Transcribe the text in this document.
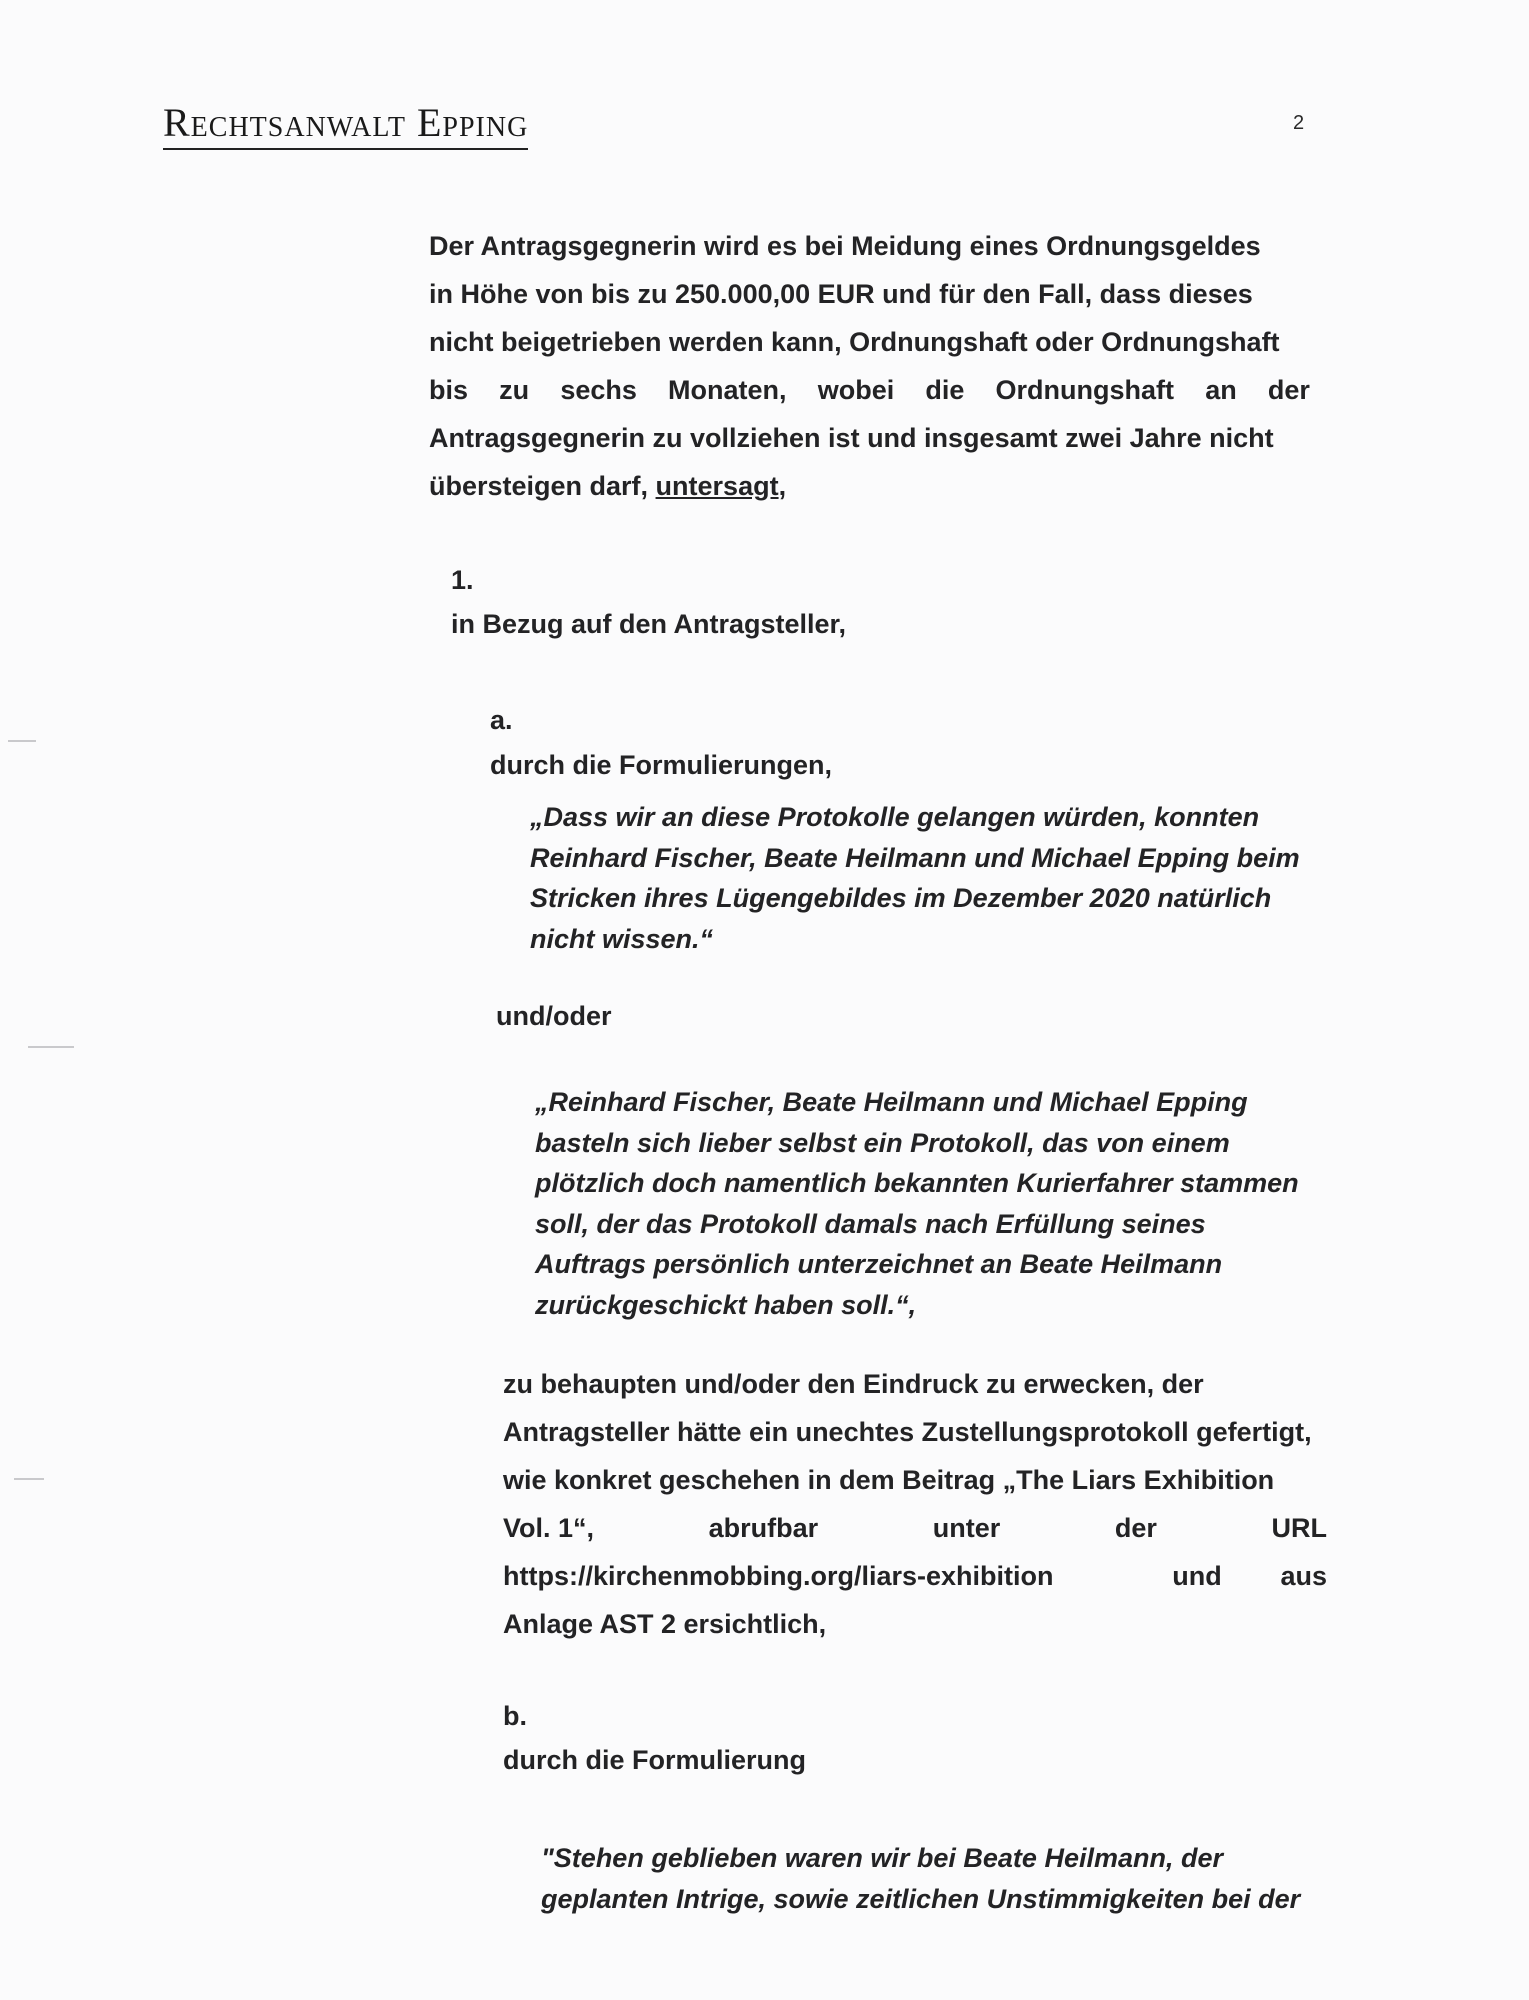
Rechtsanwalt Epping	2
Der Antragsgegnerin wird es bei Meidung eines Ordnungsgeldes
in Höhe von bis zu 250.000,00 EUR und für den Fall, dass dieses
nicht beigetrieben werden kann, Ordnungshaft oder Ordnungshaft
bis zu sechs Monaten, wobei die Ordnungshaft an der
Antragsgegnerin zu vollziehen ist und insgesamt zwei Jahre nicht
übersteigen darf, untersagt,
1.
in Bezug auf den Antragsteller,
a.
durch die Formulierungen,
„Dass wir an diese Protokolle gelangen würden, konnten
Reinhard Fischer, Beate Heilmann und Michael Epping beim
Stricken ihres Lügengebildes im Dezember 2020 natürlich
nicht wissen.“
und/oder
„Reinhard Fischer, Beate Heilmann und Michael Epping
basteln sich lieber selbst ein Protokoll, das von einem
plötzlich doch namentlich bekannten Kurierfahrer stammen
soll, der das Protokoll damals nach Erfüllung seines
Auftrags persönlich unterzeichnet an Beate Heilmann
zurückgeschickt haben soll.“,
zu behaupten und/oder den Eindruck zu erwecken, der
Antragsteller hätte ein unechtes Zustellungsprotokoll gefertigt,
wie konkret geschehen in dem Beitrag „The Liars Exhibition
Vol. 1“,	abrufbar	unter	der	URL
https://kirchenmobbing.org/liars-exhibition	und aus
Anlage AST 2 ersichtlich,
b.
durch die Formulierung
"Stehen geblieben waren wir bei Beate Heilmann, der
geplanten Intrige, sowie zeitlichen Unstimmigkeiten bei der
